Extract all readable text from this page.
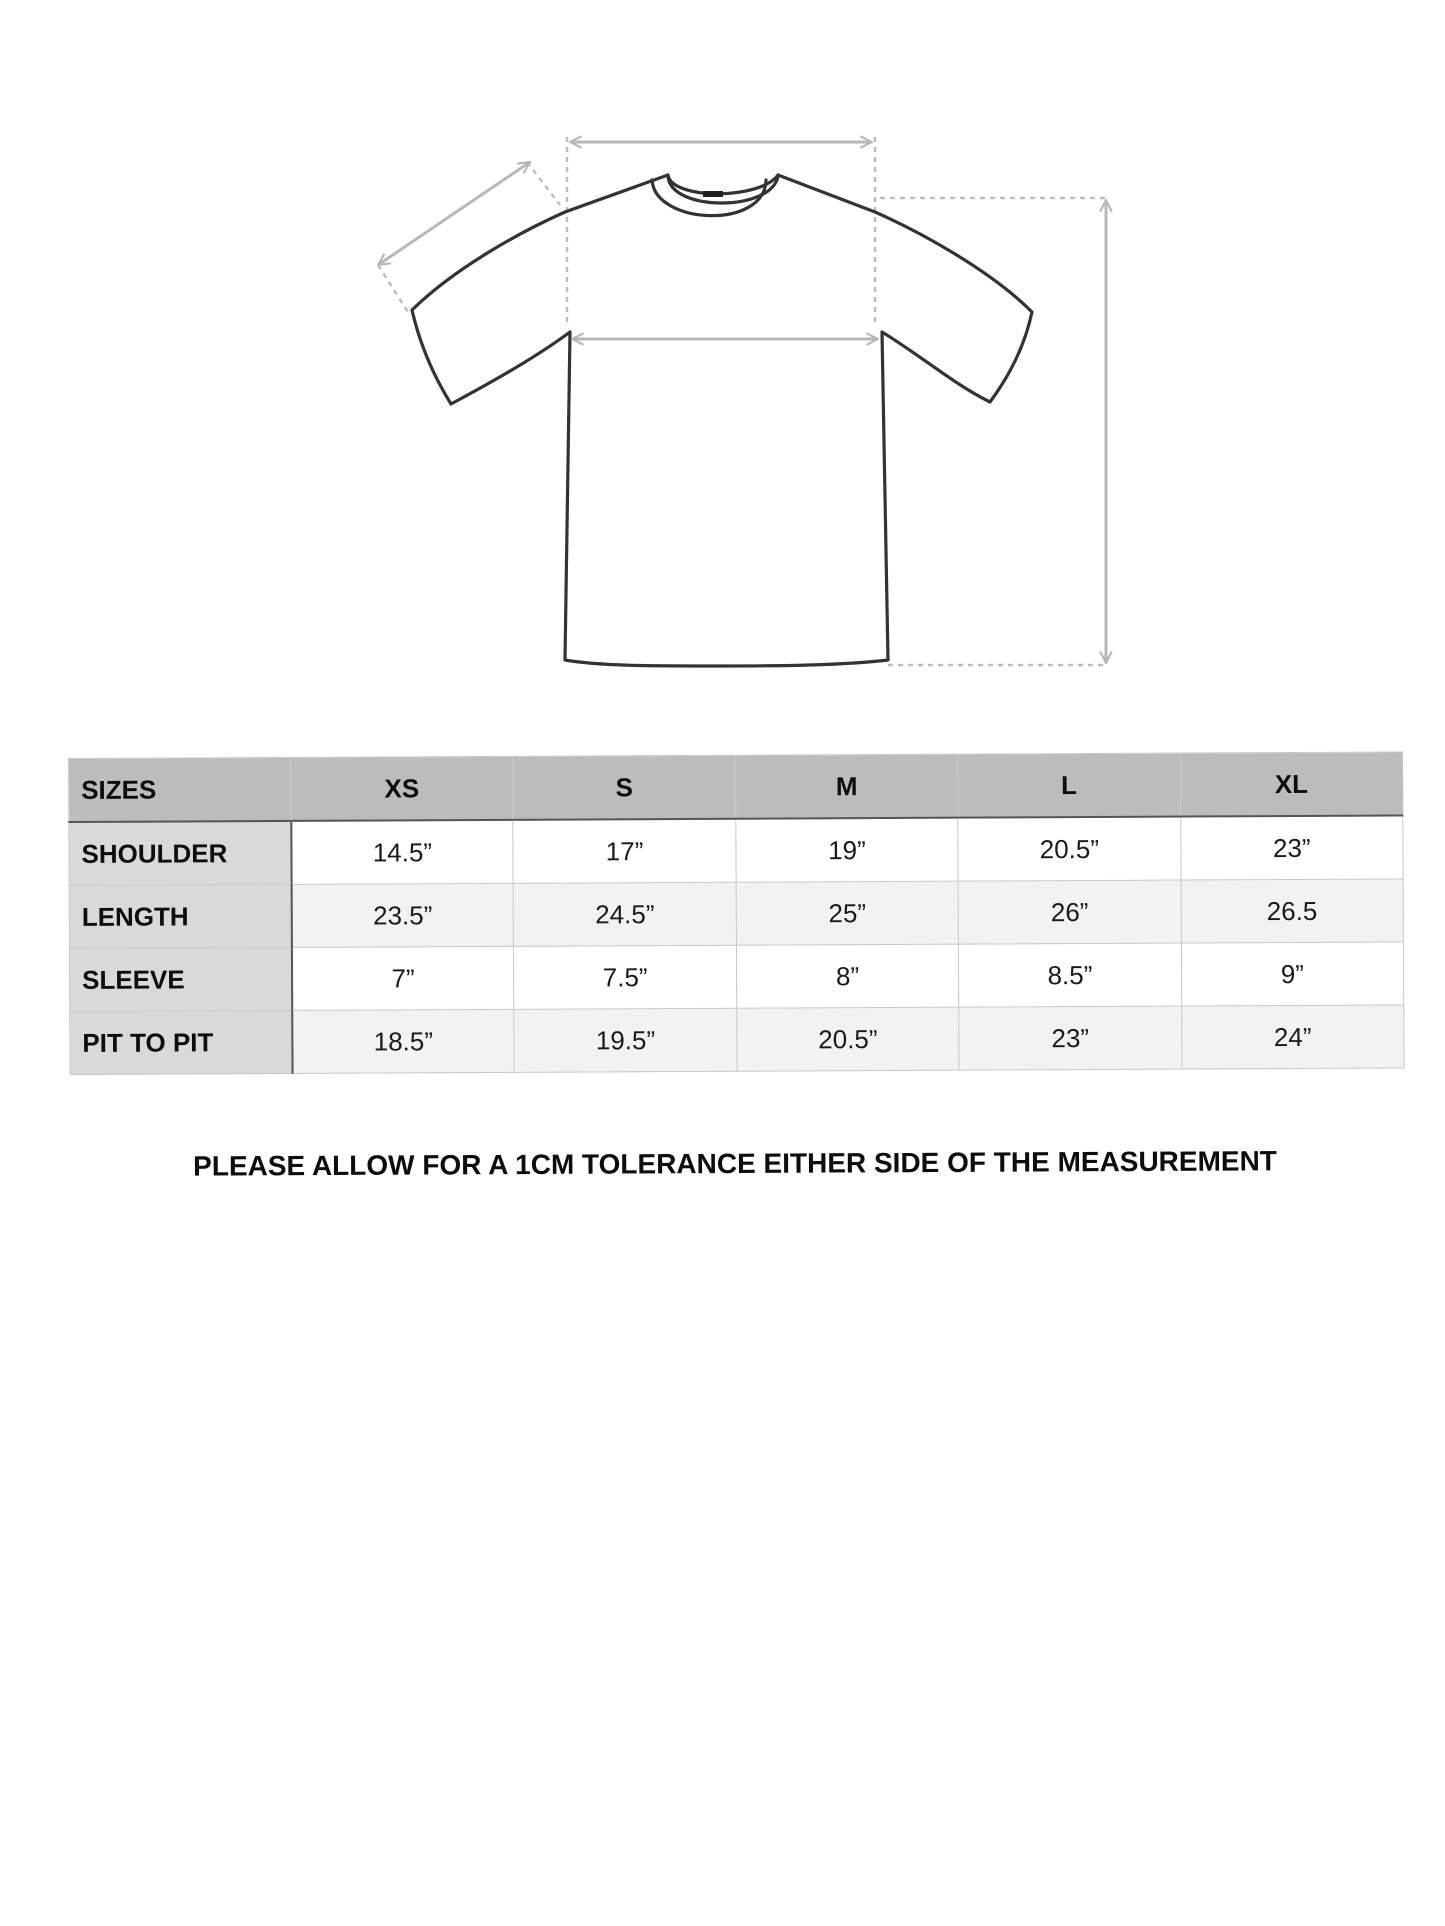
SIZES	XS	S	M	L	XL
SHOULDER	14.5”	17”	19”	20.5”	23”
LENGTH	23.5”	24.5”	25”	26”	26.5
SLEEVE	7”	7.5”	8”	8.5”	9”
PIT TO PIT	18.5”	19.5”	20.5”	23”	24”
PLEASE ALLOW FOR A 1CM TOLERANCE EITHER SIDE OF THE MEASUREMENT
